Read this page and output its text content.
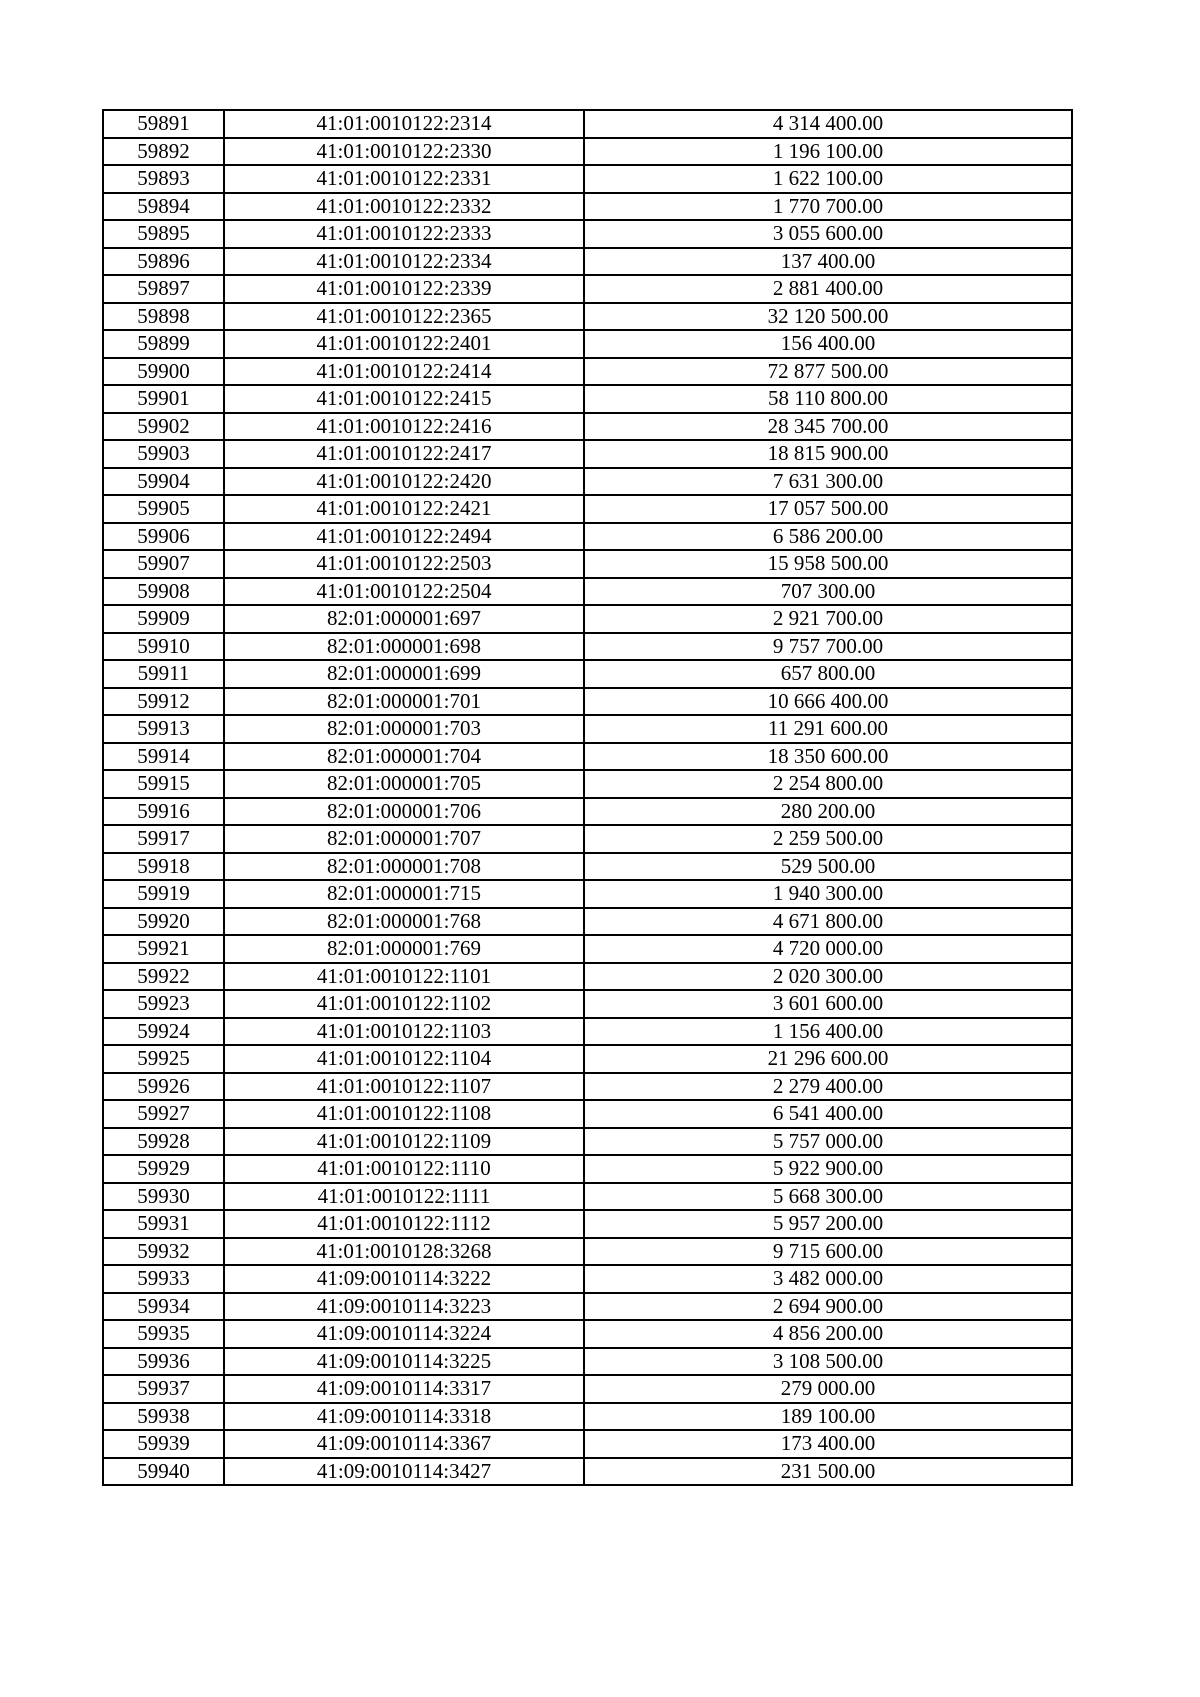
59891	41:01:0010122:2314	4 314 400.00
59892	41:01:0010122:2330	1 196 100.00
59893	41:01:0010122:2331	1 622 100.00
59894	41:01:0010122:2332	1 770 700.00
59895	41:01:0010122:2333	3 055 600.00
59896	41:01:0010122:2334	137 400.00
59897	41:01:0010122:2339	2 881 400.00
59898	41:01:0010122:2365	32 120 500.00
59899	41:01:0010122:2401	156 400.00
59900	41:01:0010122:2414	72 877 500.00
59901	41:01:0010122:2415	58 110 800.00
59902	41:01:0010122:2416	28 345 700.00
59903	41:01:0010122:2417	18 815 900.00
59904	41:01:0010122:2420	7 631 300.00
59905	41:01:0010122:2421	17 057 500.00
59906	41:01:0010122:2494	6 586 200.00
59907	41:01:0010122:2503	15 958 500.00
59908	41:01:0010122:2504	707 300.00
59909	82:01:000001:697	2 921 700.00
59910	82:01:000001:698	9 757 700.00
59911	82:01:000001:699	657 800.00
59912	82:01:000001:701	10 666 400.00
59913	82:01:000001:703	11 291 600.00
59914	82:01:000001:704	18 350 600.00
59915	82:01:000001:705	2 254 800.00
59916	82:01:000001:706	280 200.00
59917	82:01:000001:707	2 259 500.00
59918	82:01:000001:708	529 500.00
59919	82:01:000001:715	1 940 300.00
59920	82:01:000001:768	4 671 800.00
59921	82:01:000001:769	4 720 000.00
59922	41:01:0010122:1101	2 020 300.00
59923	41:01:0010122:1102	3 601 600.00
59924	41:01:0010122:1103	1 156 400.00
59925	41:01:0010122:1104	21 296 600.00
59926	41:01:0010122:1107	2 279 400.00
59927	41:01:0010122:1108	6 541 400.00
59928	41:01:0010122:1109	5 757 000.00
59929	41:01:0010122:1110	5 922 900.00
59930	41:01:0010122:1111	5 668 300.00
59931	41:01:0010122:1112	5 957 200.00
59932	41:01:0010128:3268	9 715 600.00
59933	41:09:0010114:3222	3 482 000.00
59934	41:09:0010114:3223	2 694 900.00
59935	41:09:0010114:3224	4 856 200.00
59936	41:09:0010114:3225	3 108 500.00
59937	41:09:0010114:3317	279 000.00
59938	41:09:0010114:3318	189 100.00
59939	41:09:0010114:3367	173 400.00
59940	41:09:0010114:3427	231 500.00
